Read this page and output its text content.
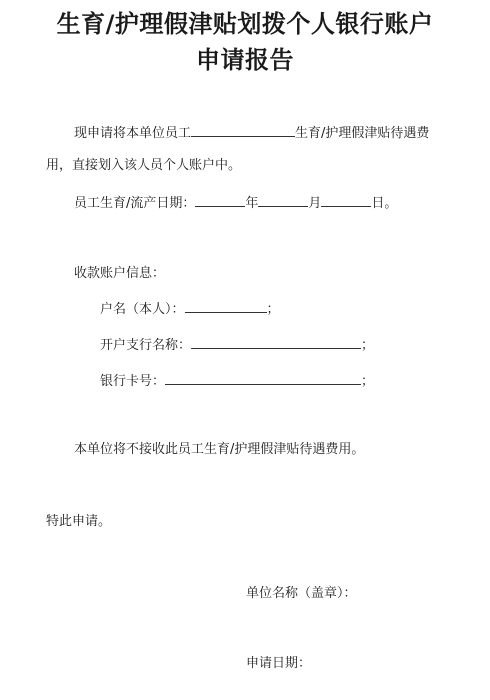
生育/护理假津贴划拨个人银行账户
申请报告
现申请将本单位员工	生育/护理假津贴待遇费
用，直接划入该人员个人账户中。
员工生育/流产日期：	年	月	日。
收款账户信息：
户名（本人）：	；
开户支行名称：	；
银行卡号：	；
本单位将不接收此员工生育/护理假津贴待遇费用。
特此申请。
单位名称（盖章）：
申请日期：
